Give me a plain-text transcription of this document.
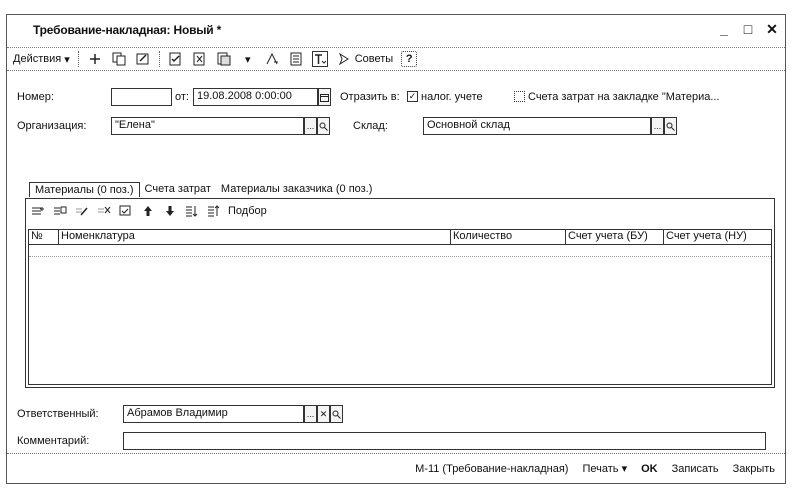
Требование-накладная: Новый *	_ □ ✕
Действия ▾	▾	Советы	?
Номер:	от: 19.08.2008 0:00:00	Отразить в: ✓ налог. учете	Счета затрат на закладке "Материа...
Организация:	"Елена"	...	Склад:	Основной склад	...
Материалы (0 поз.)	Счета затрат Материалы заказчика (0 поз.)
Подбор
№	Номенклатура	Количество	Счет учета (БУ)	Счет учета (НУ)
Ответственный:	Абрамов Владимир	... ✕
Комментарий:
М-11 (Требование-накладная) Печать ▾ OK Записать Закрыть
